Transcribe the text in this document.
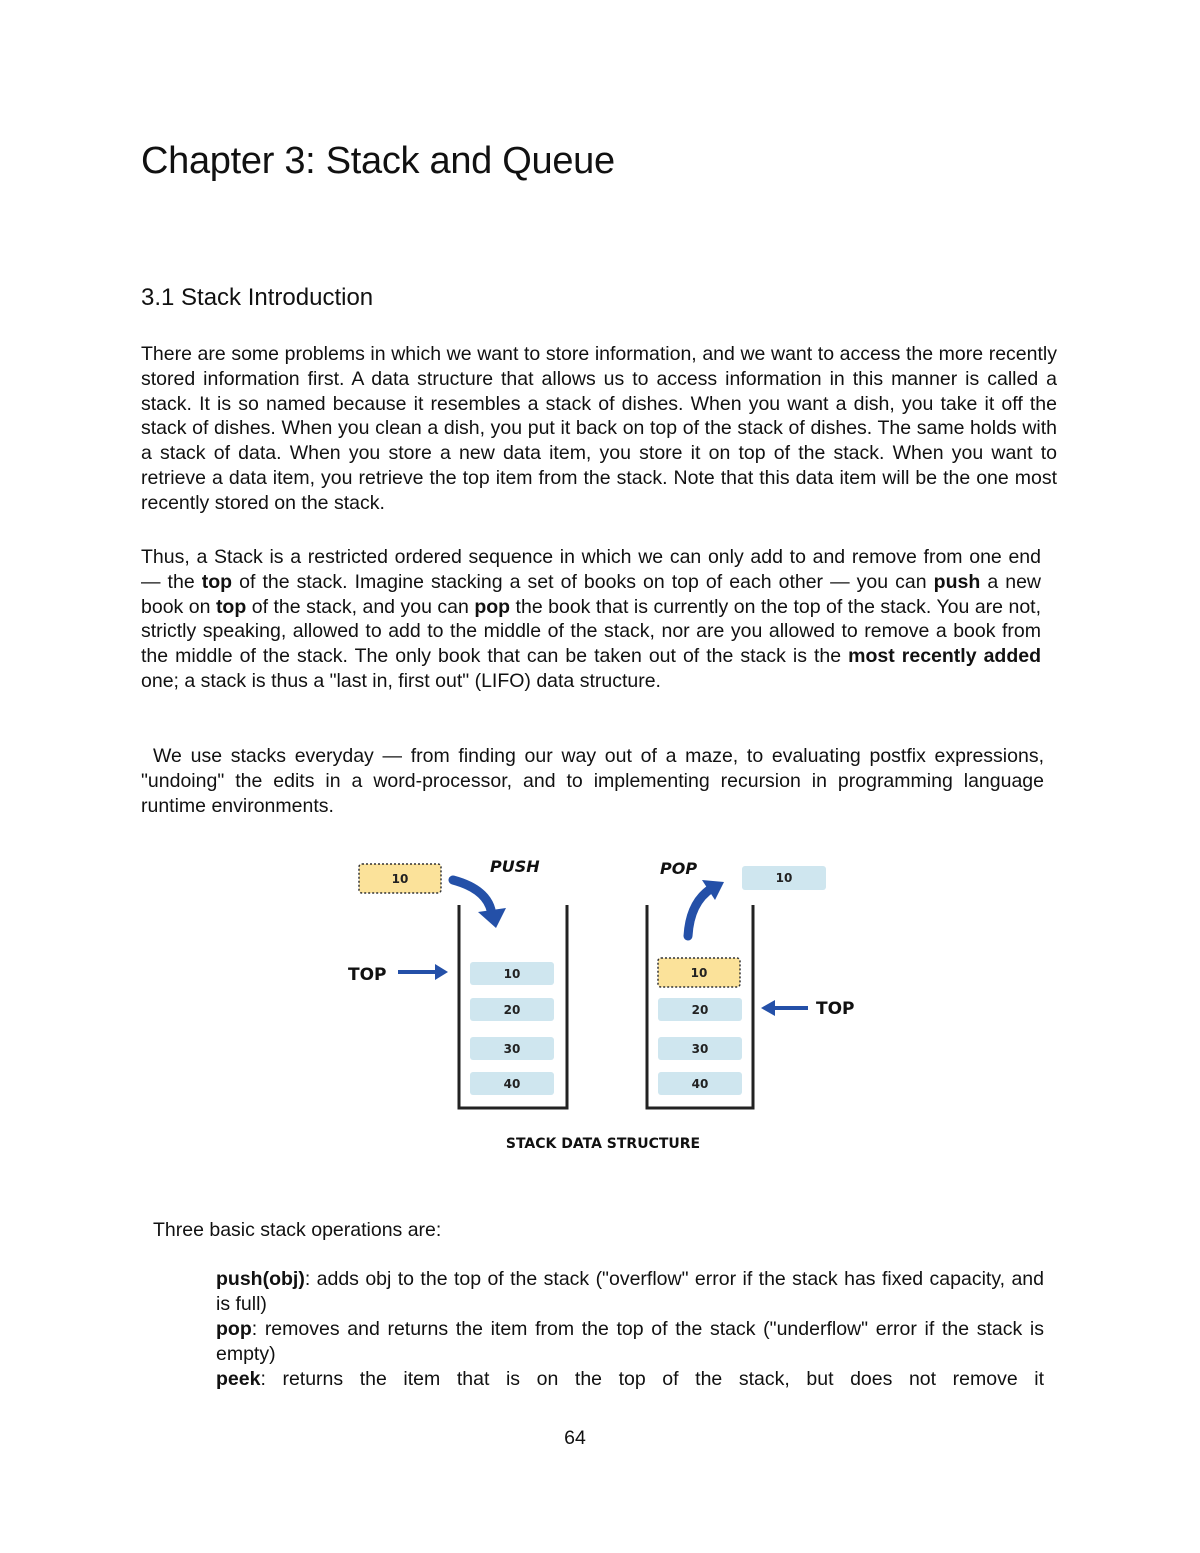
Chapter 3: Stack and Queue
3.1 Stack Introduction

There are some problems in which we want to store information, and we want to access the more recently stored information first. A data structure that allows us to access information in this manner is called a stack. It is so named because it resembles a stack of dishes. When you want a dish, you take it off the stack of dishes. When you clean a dish, you put it back on top of the stack of dishes. The same holds with a stack of data. When you store a new data item, you store it on top of the stack. When you want to retrieve a data item, you retrieve the top item from the stack. Note that this data item will be the one most recently stored on the stack.

Thus, a Stack is a restricted ordered sequence in which we can only add to and remove from one end — the top of the stack. Imagine stacking a set of books on top of each other — you can push a new book on top of the stack, and you can pop the book that is currently on the top of the stack. You are not, strictly speaking, allowed to add to the middle of the stack, nor are you allowed to remove a book from the middle of the stack. The only book that can be taken out of the stack is the most recently added one; a stack is thus a "last in, first out" (LIFO) data structure.

We use stacks everyday — from finding our way out of a maze, to evaluating postfix expressions, "undoing" the edits in a word-processor, and to implementing recursion in programming language runtime environments.

10
PUSH
TOP	10
20
30
40
POP	10
10
20
30
40
TOP
STACK DATA STRUCTURE

Three basic stack operations are:

push(obj): adds obj to the top of the stack ("overflow" error if the stack has fixed capacity, and is full)
pop: removes and returns the item from the top of the stack ("underflow" error if the stack is empty)
peek: returns the item that is on the top of the stack, but does not remove it
64
